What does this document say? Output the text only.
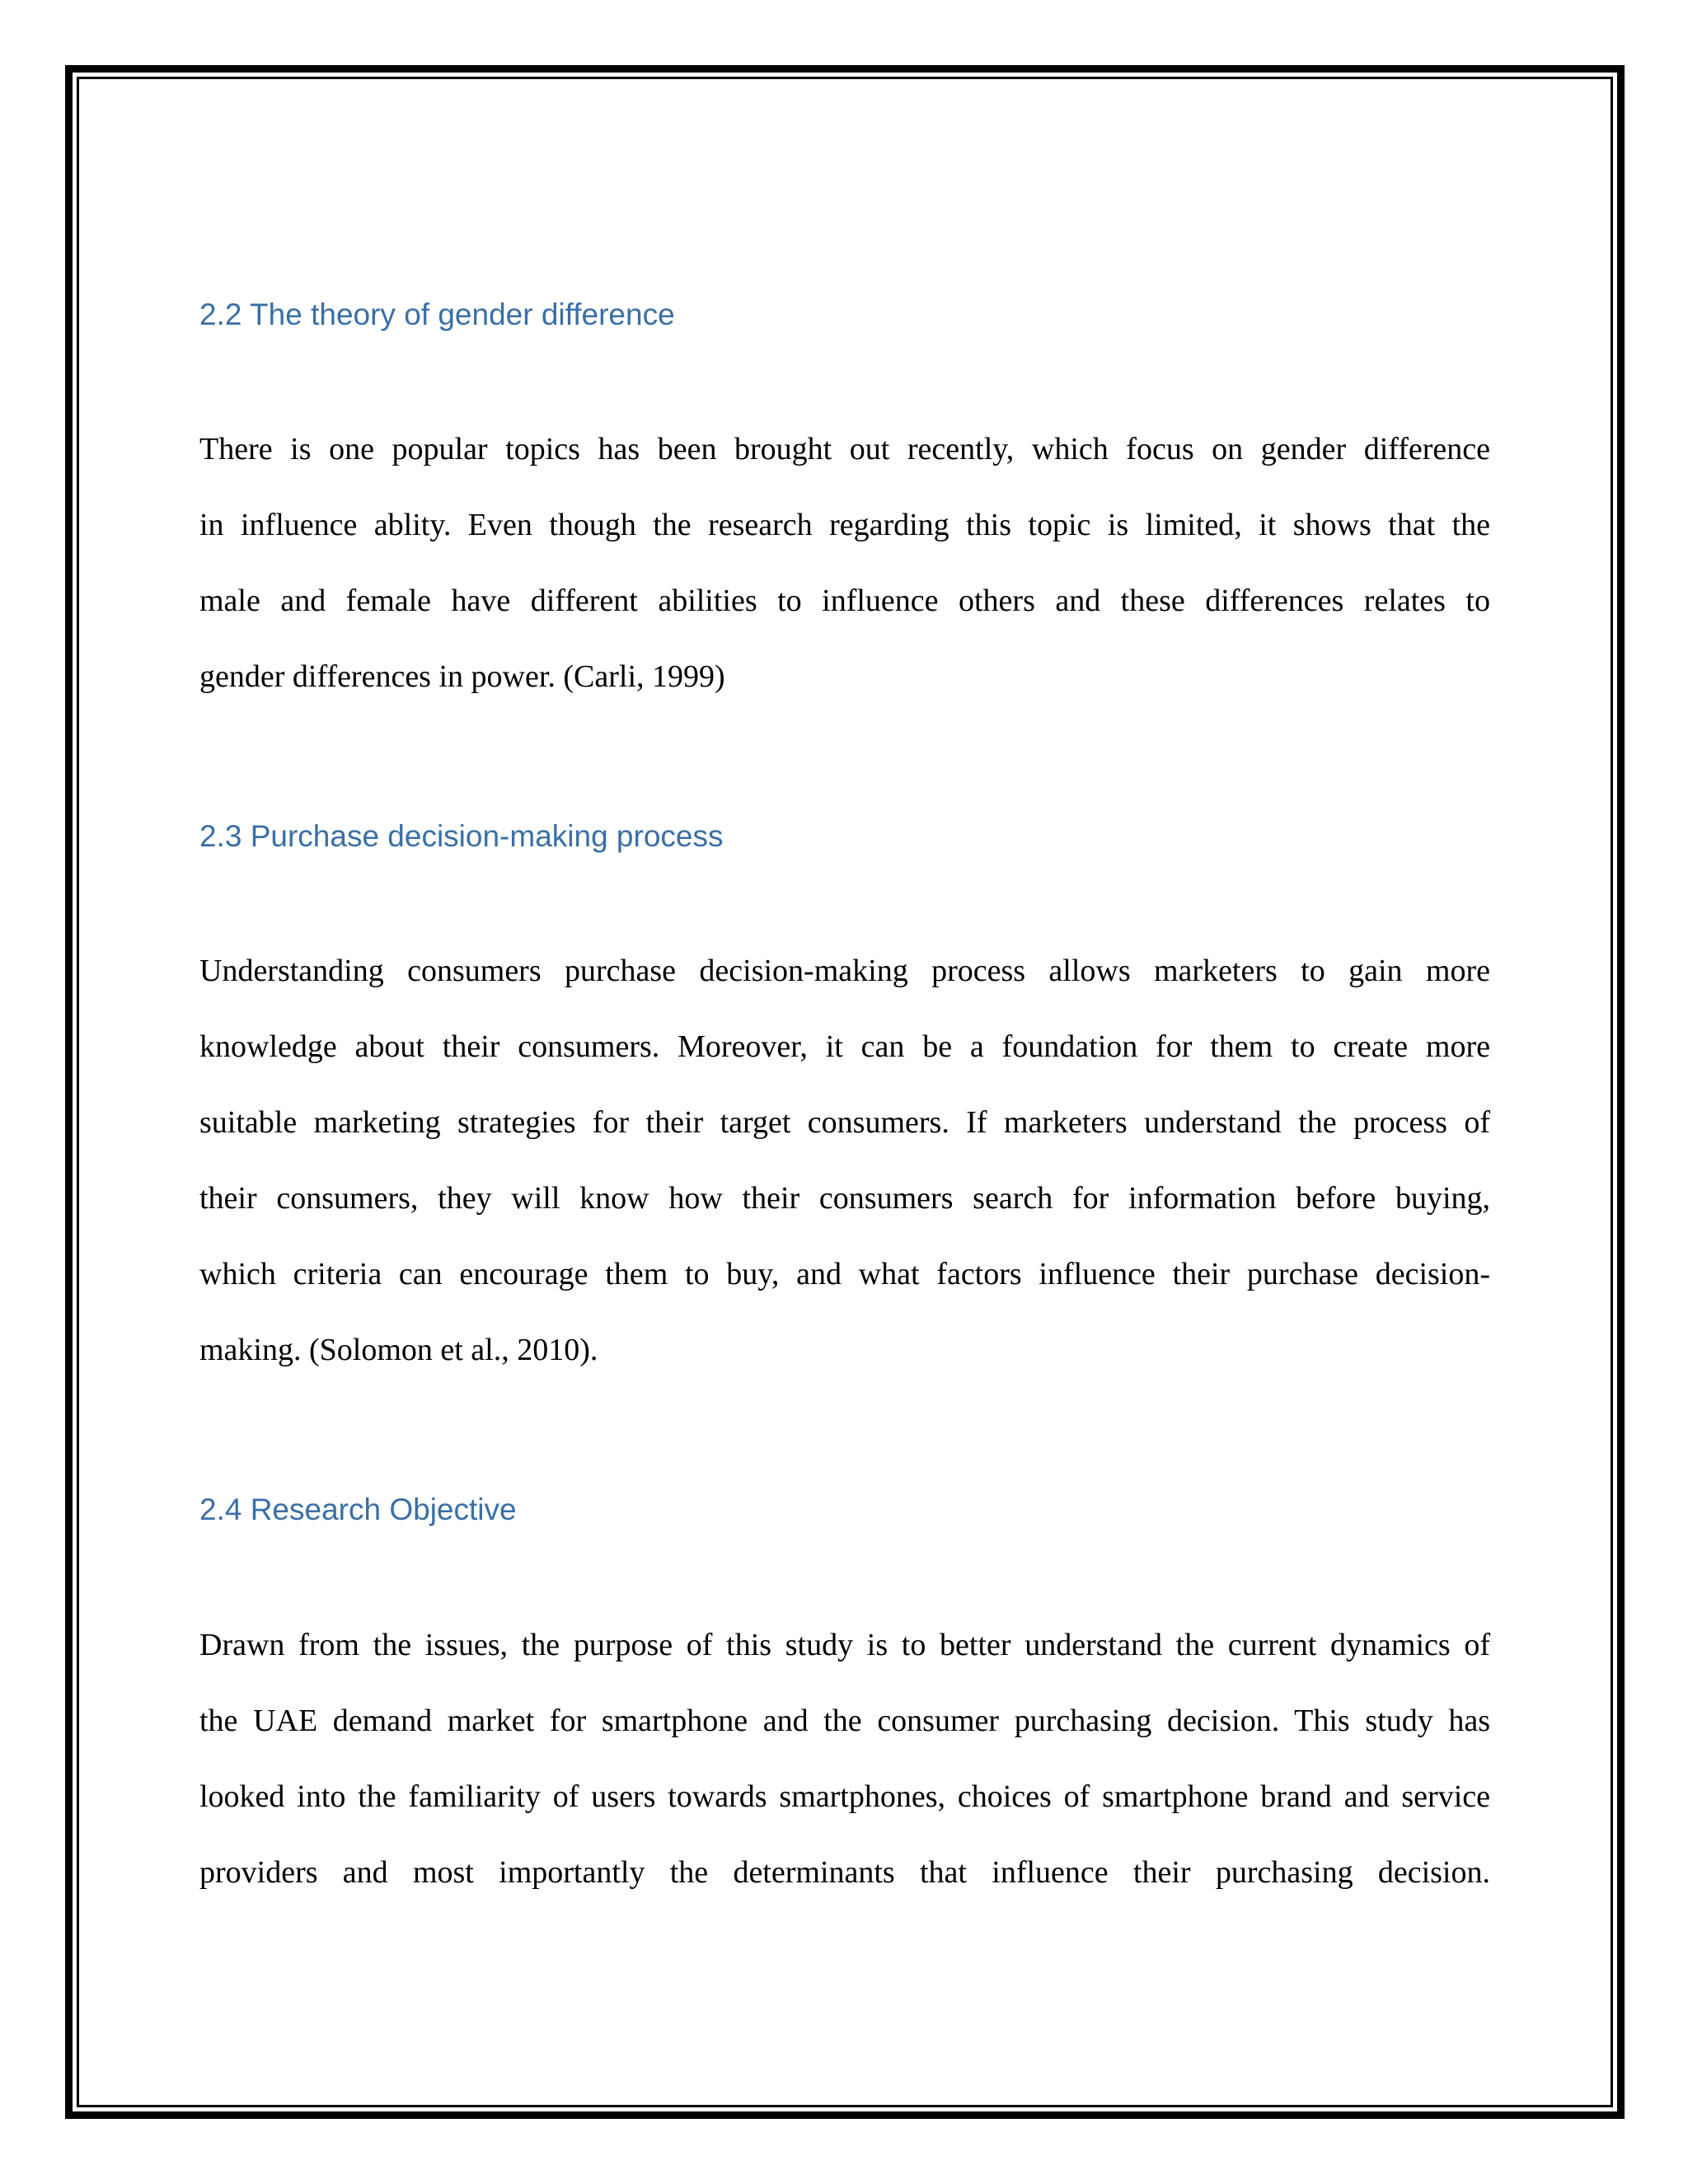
2.2 The theory of gender difference
There is one popular topics has been brought out recently, which focus on gender difference
in influence ablity. Even though the research regarding this topic is limited, it shows that the
male and female have different abilities to influence others and these differences relates to
gender differences in power. (Carli, 1999)
2.3 Purchase decision-making process
Understanding consumers purchase decision-making process allows marketers to gain more
knowledge about their consumers. Moreover, it can be a foundation for them to create more
suitable marketing strategies for their target consumers. If marketers understand the process of
their consumers, they will know how their consumers search for information before buying,
which criteria can encourage them to buy, and what factors influence their purchase decision-
making. (Solomon et al., 2010).
2.4 Research Objective
Drawn from the issues, the purpose of this study is to better understand the current dynamics of
the UAE demand market for smartphone and the consumer purchasing decision. This study has
looked into the familiarity of users towards smartphones, choices of smartphone brand and service
providers and most importantly the determinants that influence their purchasing decision.
